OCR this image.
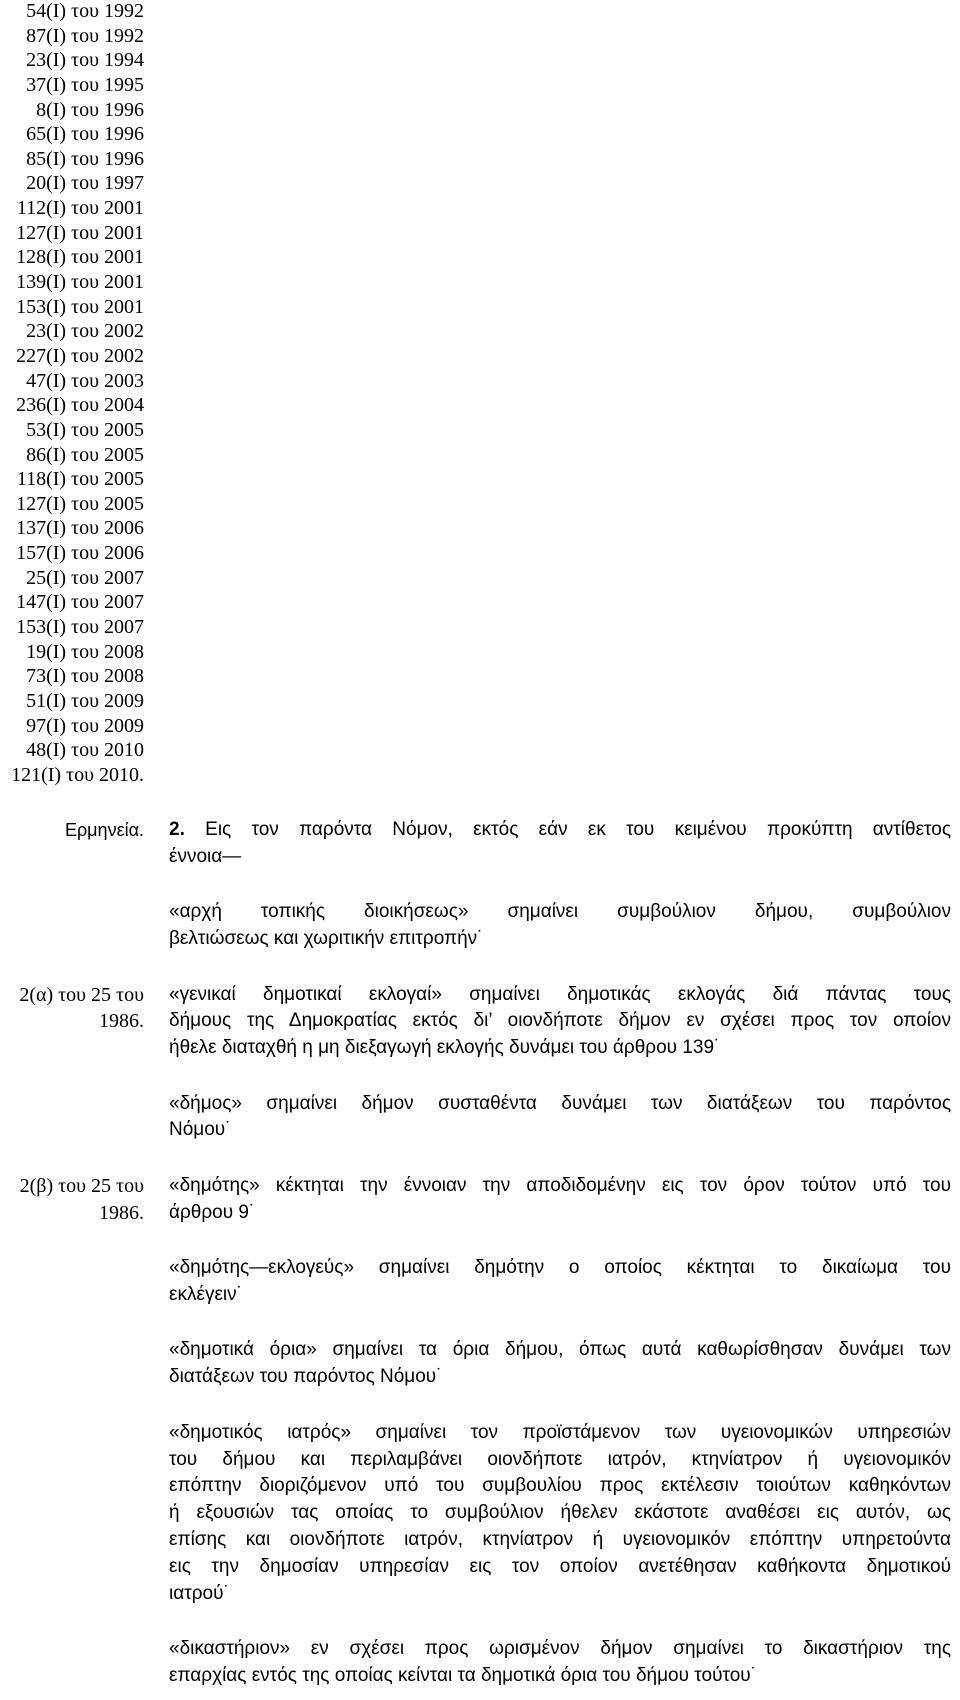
54(Ι) του 1992
87(Ι) του 1992
23(Ι) του 1994
37(Ι) του 1995
8(Ι) του 1996
65(Ι) του 1996
85(Ι) του 1996
20(Ι) του 1997
112(Ι) του 2001
127(Ι) του 2001
128(Ι) του 2001
139(Ι) του 2001
153(Ι) του 2001
23(Ι) του 2002
227(Ι) του 2002
47(Ι) του 2003
236(Ι) του 2004
53(Ι) του 2005
86(Ι) του 2005
118(Ι) του 2005
127(Ι) του 2005
137(Ι) του 2006
157(Ι) του 2006
25(Ι) του 2007
147(Ι) του 2007
153(Ι) του 2007
19(Ι) του 2008
73(Ι) του 2008
51(Ι) του 2009
97(Ι) του 2009
48(Ι) του 2010
121(Ι) του 2010.
Ερμηνεία. 2. Εις τον παρόντα Νόμον, εκτός εάν εκ του κειμένου προκύπτη αντίθετος
έννοια—
«αρχή τοπικής διοικήσεως» σημαίνει συμβούλιον δήμου, συμβούλιον
βελτιώσεως και χωριτικήν επιτροπήν˙
2(α) του 25 του
1986.
«γενικαί δημοτικαί εκλογαί» σημαίνει δημοτικάς εκλογάς διά πάντας τους
δήμους της Δημοκρατίας εκτός δι’ οιονδήποτε δήμον εν σχέσει προς τον οποίον
ήθελε διαταχθή η μη διεξαγωγή εκλογής δυνάμει του άρθρου 139˙
«δήμος» σημαίνει δήμον συσταθέντα δυνάμει των διατάξεων του παρόντος
Νόμου˙
2(β) του 25 του
1986.
«δημότης» κέκτηται την έννοιαν την αποδιδομένην εις τον όρον τούτον υπό του
άρθρου 9˙
«δημότης—εκλογεύς» σημαίνει δημότην ο οποίος κέκτηται το δικαίωμα του
εκλέγειν˙
«δημοτικά όρια» σημαίνει τα όρια δήμου, όπως αυτά καθωρίσθησαν δυνάμει των
διατάξεων του παρόντος Νόμου˙
«δημοτικός ιατρός» σημαίνει τον προϊστάμενον των υγειονομικών υπηρεσιών
του δήμου και περιλαμβάνει οιονδήποτε ιατρόν, κτηνίατρον ή υγειονομικόν
επόπτην διοριζόμενον υπό του συμβουλίου προς εκτέλεσιν τοιούτων καθηκόντων
ή εξουσιών τας οποίας το συμβούλιον ήθελεν εκάστοτε αναθέσει εις αυτόν, ως
επίσης και οιονδήποτε ιατρόν, κτηνίατρον ή υγειονομικόν επόπτην υπηρετούντα
εις την δημοσίαν υπηρεσίαν εις τον οποίον ανετέθησαν καθήκοντα δημοτικού
ιατρού˙
«δικαστήριον» εν σχέσει προς ωρισμένον δήμον σημαίνει το δικαστήριον της
επαρχίας εντός της οποίας κείνται τα δημοτικά όρια του δήμου τούτου˙
